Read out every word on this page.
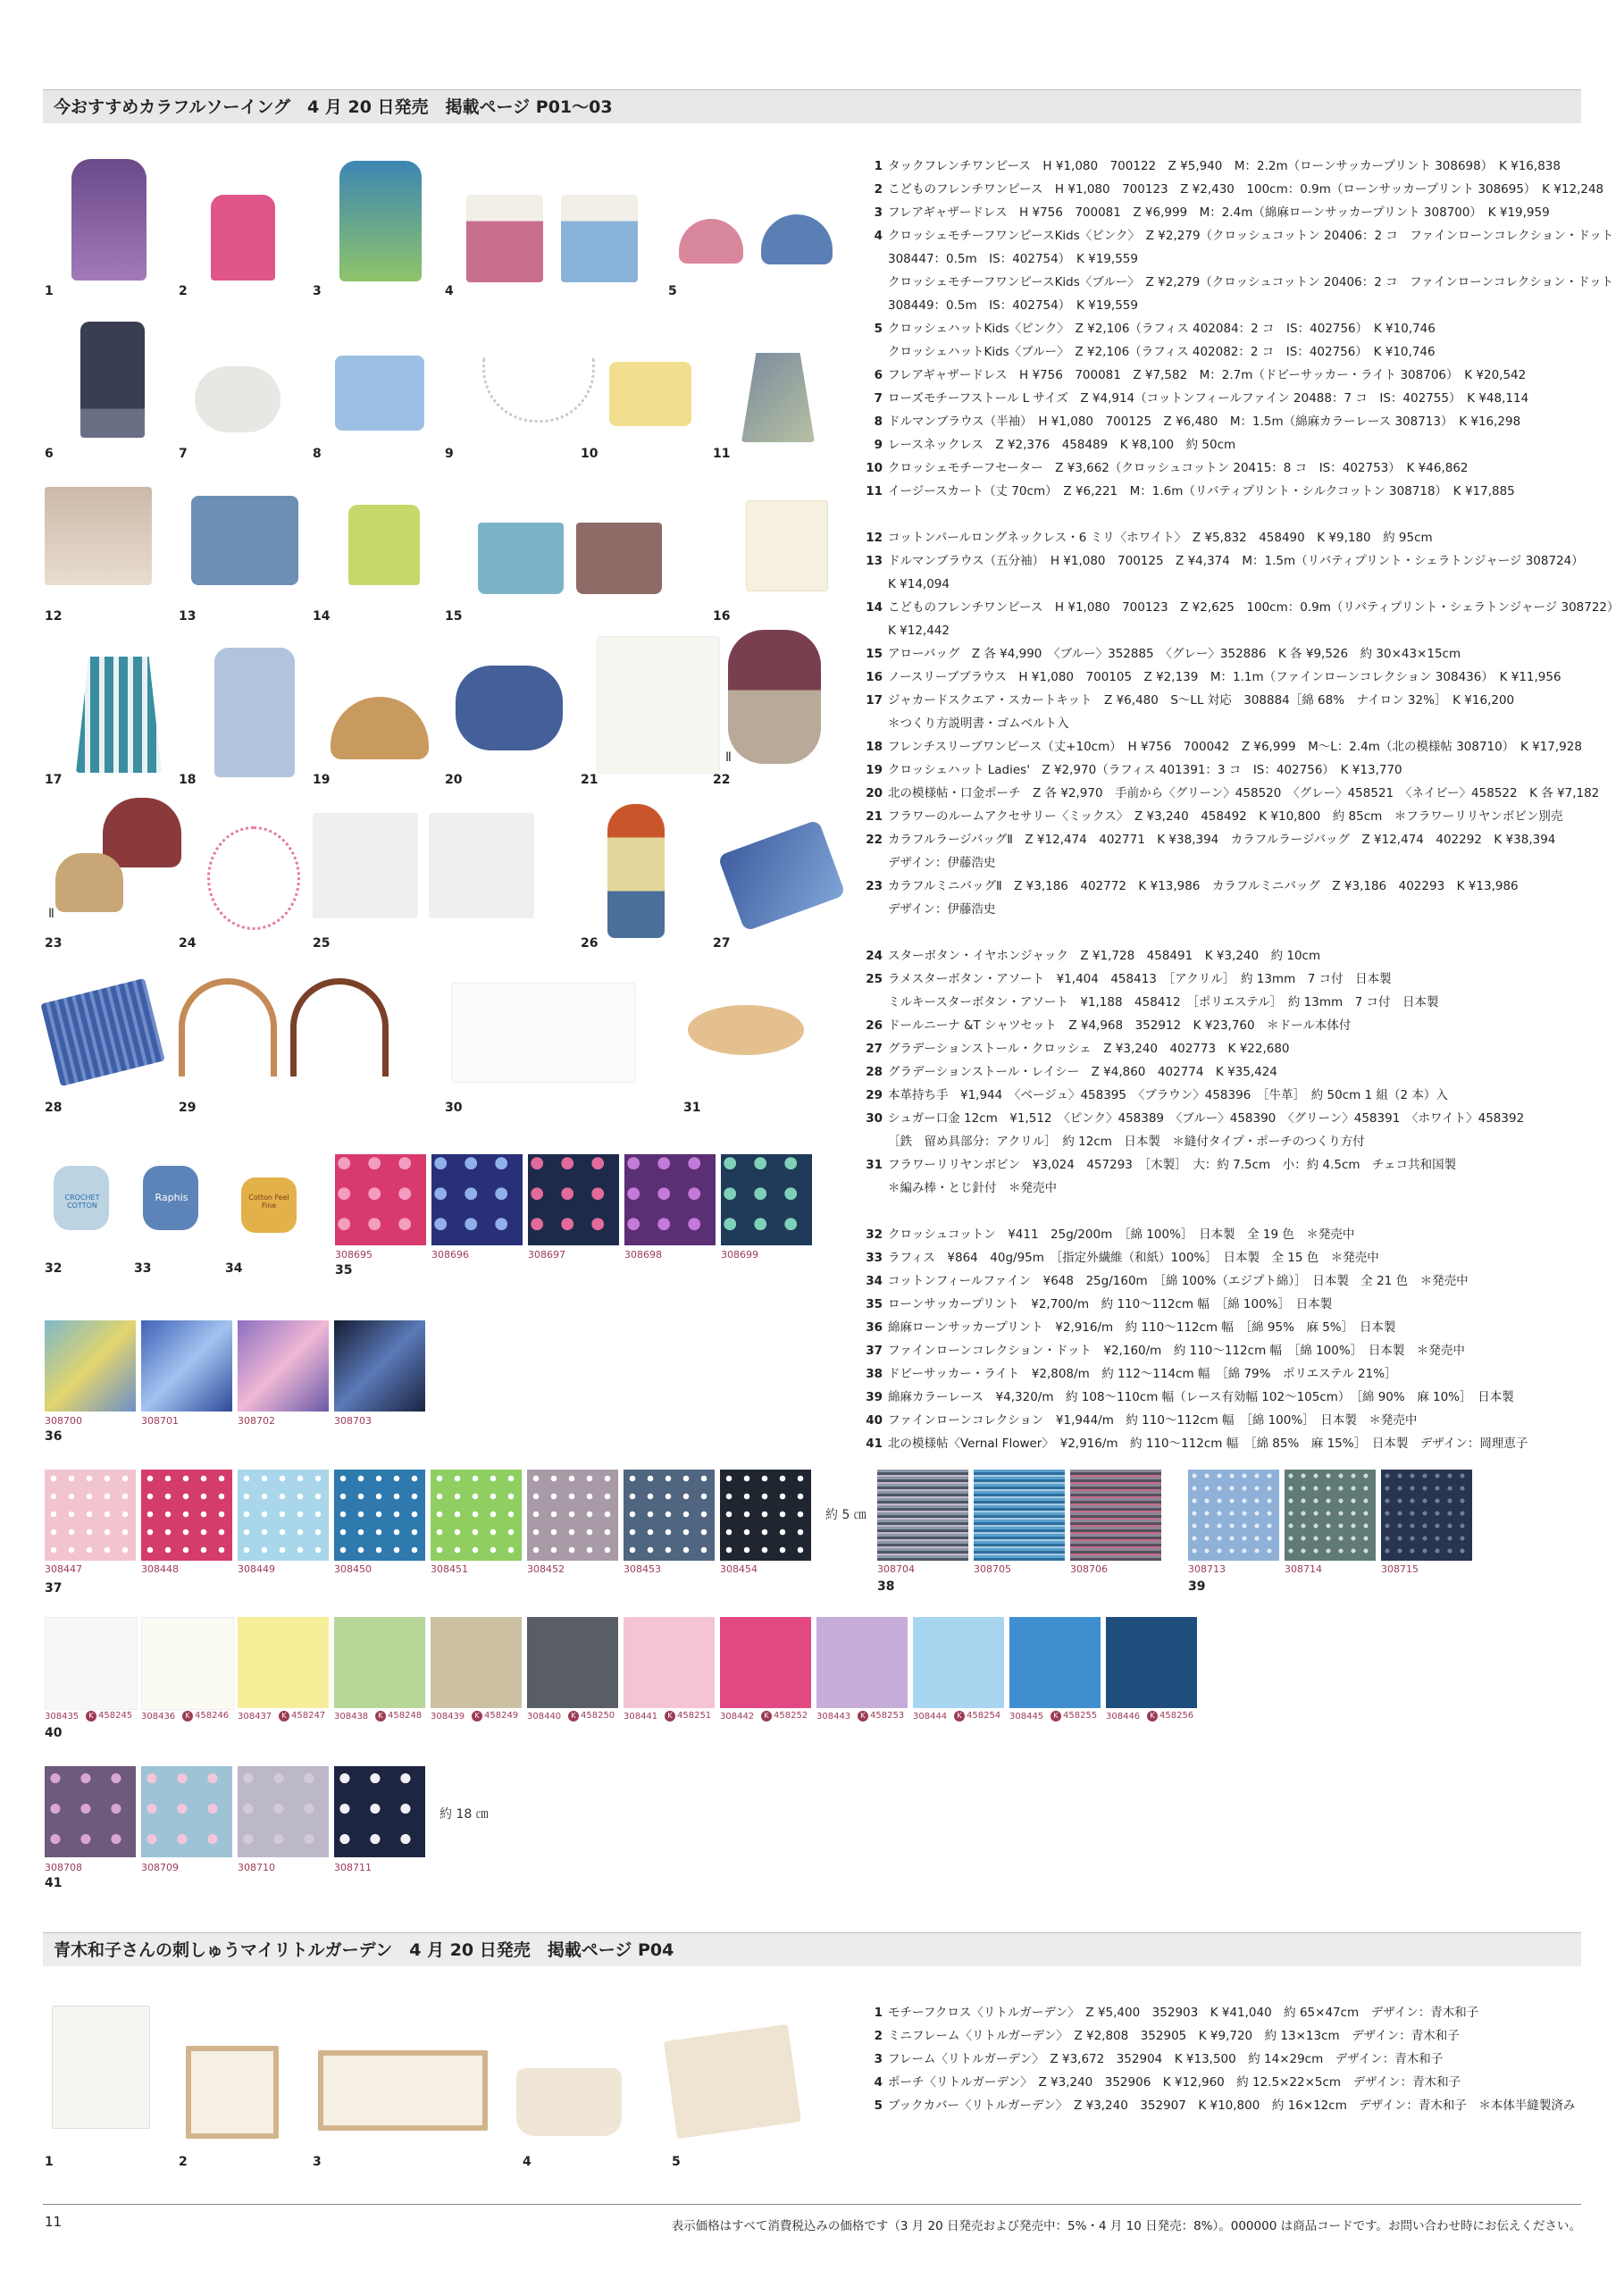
今おすすめカラフルソーイング　4 月 20 日発売　掲載ページ P01〜03
1	2	3	4	5
6	7	8	9	10	11
12	13	14	15	16
Ⅱ
17	18	19	20	21	22
Ⅱ
23	24	25	26	27
28	29	30	31
CROCHET COTTON
Raphis	Cotton Feel Fine
32	33	34	35
308695	308696	308697	308698	308699
308700	308701	308702	308703
36
308447	308448	308449	308450	308451	308452	308453	308454
約 5 ㎝
37
308704	308705	308706
38
308713	308714	308715
39
308435	K 458245 308436	K 458246 308437	K 458247 308438	K 458248 308439	K 458249 308440	K 458250 308441	K 458251 308442	K 458252 308443	K 458253 308444	K 458254 308445	K 458255 308446	K 458256
40
約 18 ㎝
308708	308709	308710	308711
41
1 タックフレンチワンピース　H ¥1,080　700122　Z ¥5,940　M：2.2m（ローンサッカープリント 308698）　K ¥16,838
2 こどものフレンチワンピース　H ¥1,080　700123　Z ¥2,430　100cm：0.9m（ローンサッカープリント 308695）　K ¥12,248
3 フレアギャザードレス　H ¥756　700081　Z ¥6,999　M：2.4m（綿麻ローンサッカープリント 308700）　K ¥19,959
4 クロッシェモチーフワンピースKids〈ピンク〉　Z ¥2,279（クロッシュコットン 20406：2 コ　ファインローンコレクション・ドット
308447：0.5m　IS：402754）　K ¥19,559
クロッシェモチーフワンピースKids〈ブルー〉　Z ¥2,279（クロッシュコットン 20406：2 コ　ファインローンコレクション・ドット
308449：0.5m　IS：402754）　K ¥19,559
5 クロッシェハットKids〈ピンク〉　Z ¥2,106（ラフィス 402084：2 コ　IS：402756）　K ¥10,746
クロッシェハットKids〈ブルー〉　Z ¥2,106（ラフィス 402082：2 コ　IS：402756）　K ¥10,746
6 フレアギャザードレス　H ¥756　700081　Z ¥7,582　M：2.7m（ドビーサッカー・ライト 308706）　K ¥20,542
7 ローズモチーフストール L サイズ　Z ¥4,914（コットンフィールファイン 20488：7 コ　IS：402755）　K ¥48,114
8 ドルマンブラウス（半袖）　H ¥1,080　700125　Z ¥6,480　M：1.5m（綿麻カラーレース 308713）　K ¥16,298
9 レースネックレス　Z ¥2,376　458489　K ¥8,100　約 50cm
10 クロッシェモチーフセーター　Z ¥3,662（クロッシュコットン 20415：8 コ　IS：402753）　K ¥46,862
11 イージースカート（丈 70cm）　Z ¥6,221　M：1.6m（リバティプリント・シルクコットン 308718）　K ¥17,885
12 コットンパールロングネックレス・6 ミリ〈ホワイト〉　Z ¥5,832　458490　K ¥9,180　約 95cm
13 ドルマンブラウス（五分袖）　H ¥1,080　700125　Z ¥4,374　M：1.5m（リバティプリント・シェラトンジャージ 308724）
K ¥14,094
14 こどものフレンチワンピース　H ¥1,080　700123　Z ¥2,625　100cm：0.9m（リバティプリント・シェラトンジャージ 308722）
K ¥12,442
15 アローバッグ　Z 各 ¥4,990　〈ブルー〉352885　〈グレー〉352886　K 各 ¥9,526　約 30×43×15cm
16 ノースリーブブラウス　H ¥1,080　700105　Z ¥2,139　M：1.1m（ファインローンコレクション 308436）　K ¥11,956
17 ジャカードスクエア・スカートキット　Z ¥6,480　S〜LL 対応　308884［綿 68%　ナイロン 32%］　K ¥16,200
＊つくり方説明書・ゴムベルト入
18 フレンチスリーブワンピース（丈+10cm）　H ¥756　700042　Z ¥6,999　M〜L：2.4m（北の模様帖 308710）　K ¥17,928
19 クロッシェハット Ladies'　Z ¥2,970（ラフィス 401391：3 コ　IS：402756）　K ¥13,770
20 北の模様帖・口金ポーチ　Z 各 ¥2,970　手前から〈グリーン〉458520　〈グレー〉458521　〈ネイビー〉458522　K 各 ¥7,182
21 フラワーのルームアクセサリー〈ミックス〉　Z ¥3,240　458492　K ¥10,800　約 85cm　＊フラワーリリヤンボビン別売
22 カラフルラージバッグⅡ　Z ¥12,474　402771　K ¥38,394　カラフルラージバッグ　Z ¥12,474　402292　K ¥38,394
デザイン：伊藤浩史
23 カラフルミニバッグⅡ　Z ¥3,186　402772　K ¥13,986　カラフルミニバッグ　Z ¥3,186　402293　K ¥13,986
デザイン：伊藤浩史
24 スターボタン・イヤホンジャック　Z ¥1,728　458491　K ¥3,240　約 10cm
25 ラメスターボタン・アソート　¥1,404　458413　［アクリル］　約 13mm　7 コ付　日本製
ミルキースターボタン・アソート　¥1,188　458412　［ポリエステル］　約 13mm　7 コ付　日本製
26 ドールニーナ &T シャツセット　Z ¥4,968　352912　K ¥23,760　＊ドール本体付
27 グラデーションストール・クロッシェ　Z ¥3,240　402773　K ¥22,680
28 グラデーションストール・レイシー　Z ¥4,860　402774　K ¥35,424
29 本革持ち手　¥1,944　〈ベージュ〉458395　〈ブラウン〉458396　［牛革］　約 50cm 1 組（2 本）入
30 シュガー口金 12cm　¥1,512　〈ピンク〉458389　〈ブルー〉458390　〈グリーン〉458391　〈ホワイト〉458392
［鉄　留め具部分：アクリル］　約 12cm　日本製　＊縫付タイプ・ポーチのつくり方付
31 フラワーリリヤンボビン　¥3,024　457293　［木製］　大：約 7.5cm　小：約 4.5cm　チェコ共和国製
＊編み棒・とじ針付　＊発売中
32 クロッシュコットン　¥411　25g/200m　［綿 100%］　日本製　全 19 色　＊発売中
33 ラフィス　¥864　40g/95m　［指定外繊維（和紙）100%］　日本製　全 15 色　＊発売中
34 コットンフィールファイン　¥648　25g/160m　［綿 100%（エジプト綿）］　日本製　全 21 色　＊発売中
35 ローンサッカープリント　¥2,700/m　約 110〜112cm 幅　［綿 100%］　日本製
36 綿麻ローンサッカープリント　¥2,916/m　約 110〜112cm 幅　［綿 95%　麻 5%］　日本製
37 ファインローンコレクション・ドット　¥2,160/m　約 110〜112cm 幅　［綿 100%］　日本製　＊発売中
38 ドビーサッカー・ライト　¥2,808/m　約 112〜114cm 幅　［綿 79%　ポリエステル 21%］
39 綿麻カラーレース　¥4,320/m　約 108〜110cm 幅（レース有効幅 102〜105cm）　［綿 90%　麻 10%］　日本製
40 ファインローンコレクション　¥1,944/m　約 110〜112cm 幅　［綿 100%］　日本製　＊発売中
41 北の模様帖〈Vernal Flower〉　¥2,916/m　約 110〜112cm 幅　［綿 85%　麻 15%］　日本製　デザイン：岡理恵子
青木和子さんの刺しゅうマイリトルガーデン　4 月 20 日発売　掲載ページ P04
1	2	3	4	5
1 モチーフクロス〈リトルガーデン〉　Z ¥5,400　352903　K ¥41,040　約 65×47cm　デザイン：青木和子
2 ミニフレーム〈リトルガーデン〉　Z ¥2,808　352905　K ¥9,720　約 13×13cm　デザイン：青木和子
3 フレーム〈リトルガーデン〉　Z ¥3,672　352904　K ¥13,500　約 14×29cm　デザイン：青木和子
4 ポーチ〈リトルガーデン〉　Z ¥3,240　352906　K ¥12,960　約 12.5×22×5cm　デザイン：青木和子
5 ブックカバー〈リトルガーデン〉　Z ¥3,240　352907　K ¥10,800　約 16×12cm　デザイン：青木和子　＊本体半縫製済み
11	表示価格はすべて消費税込みの価格です（3 月 20 日発売および発売中：5%・4 月 10 日発売：8%）。000000 は商品コードです。お問い合わせ時にお伝えください。
